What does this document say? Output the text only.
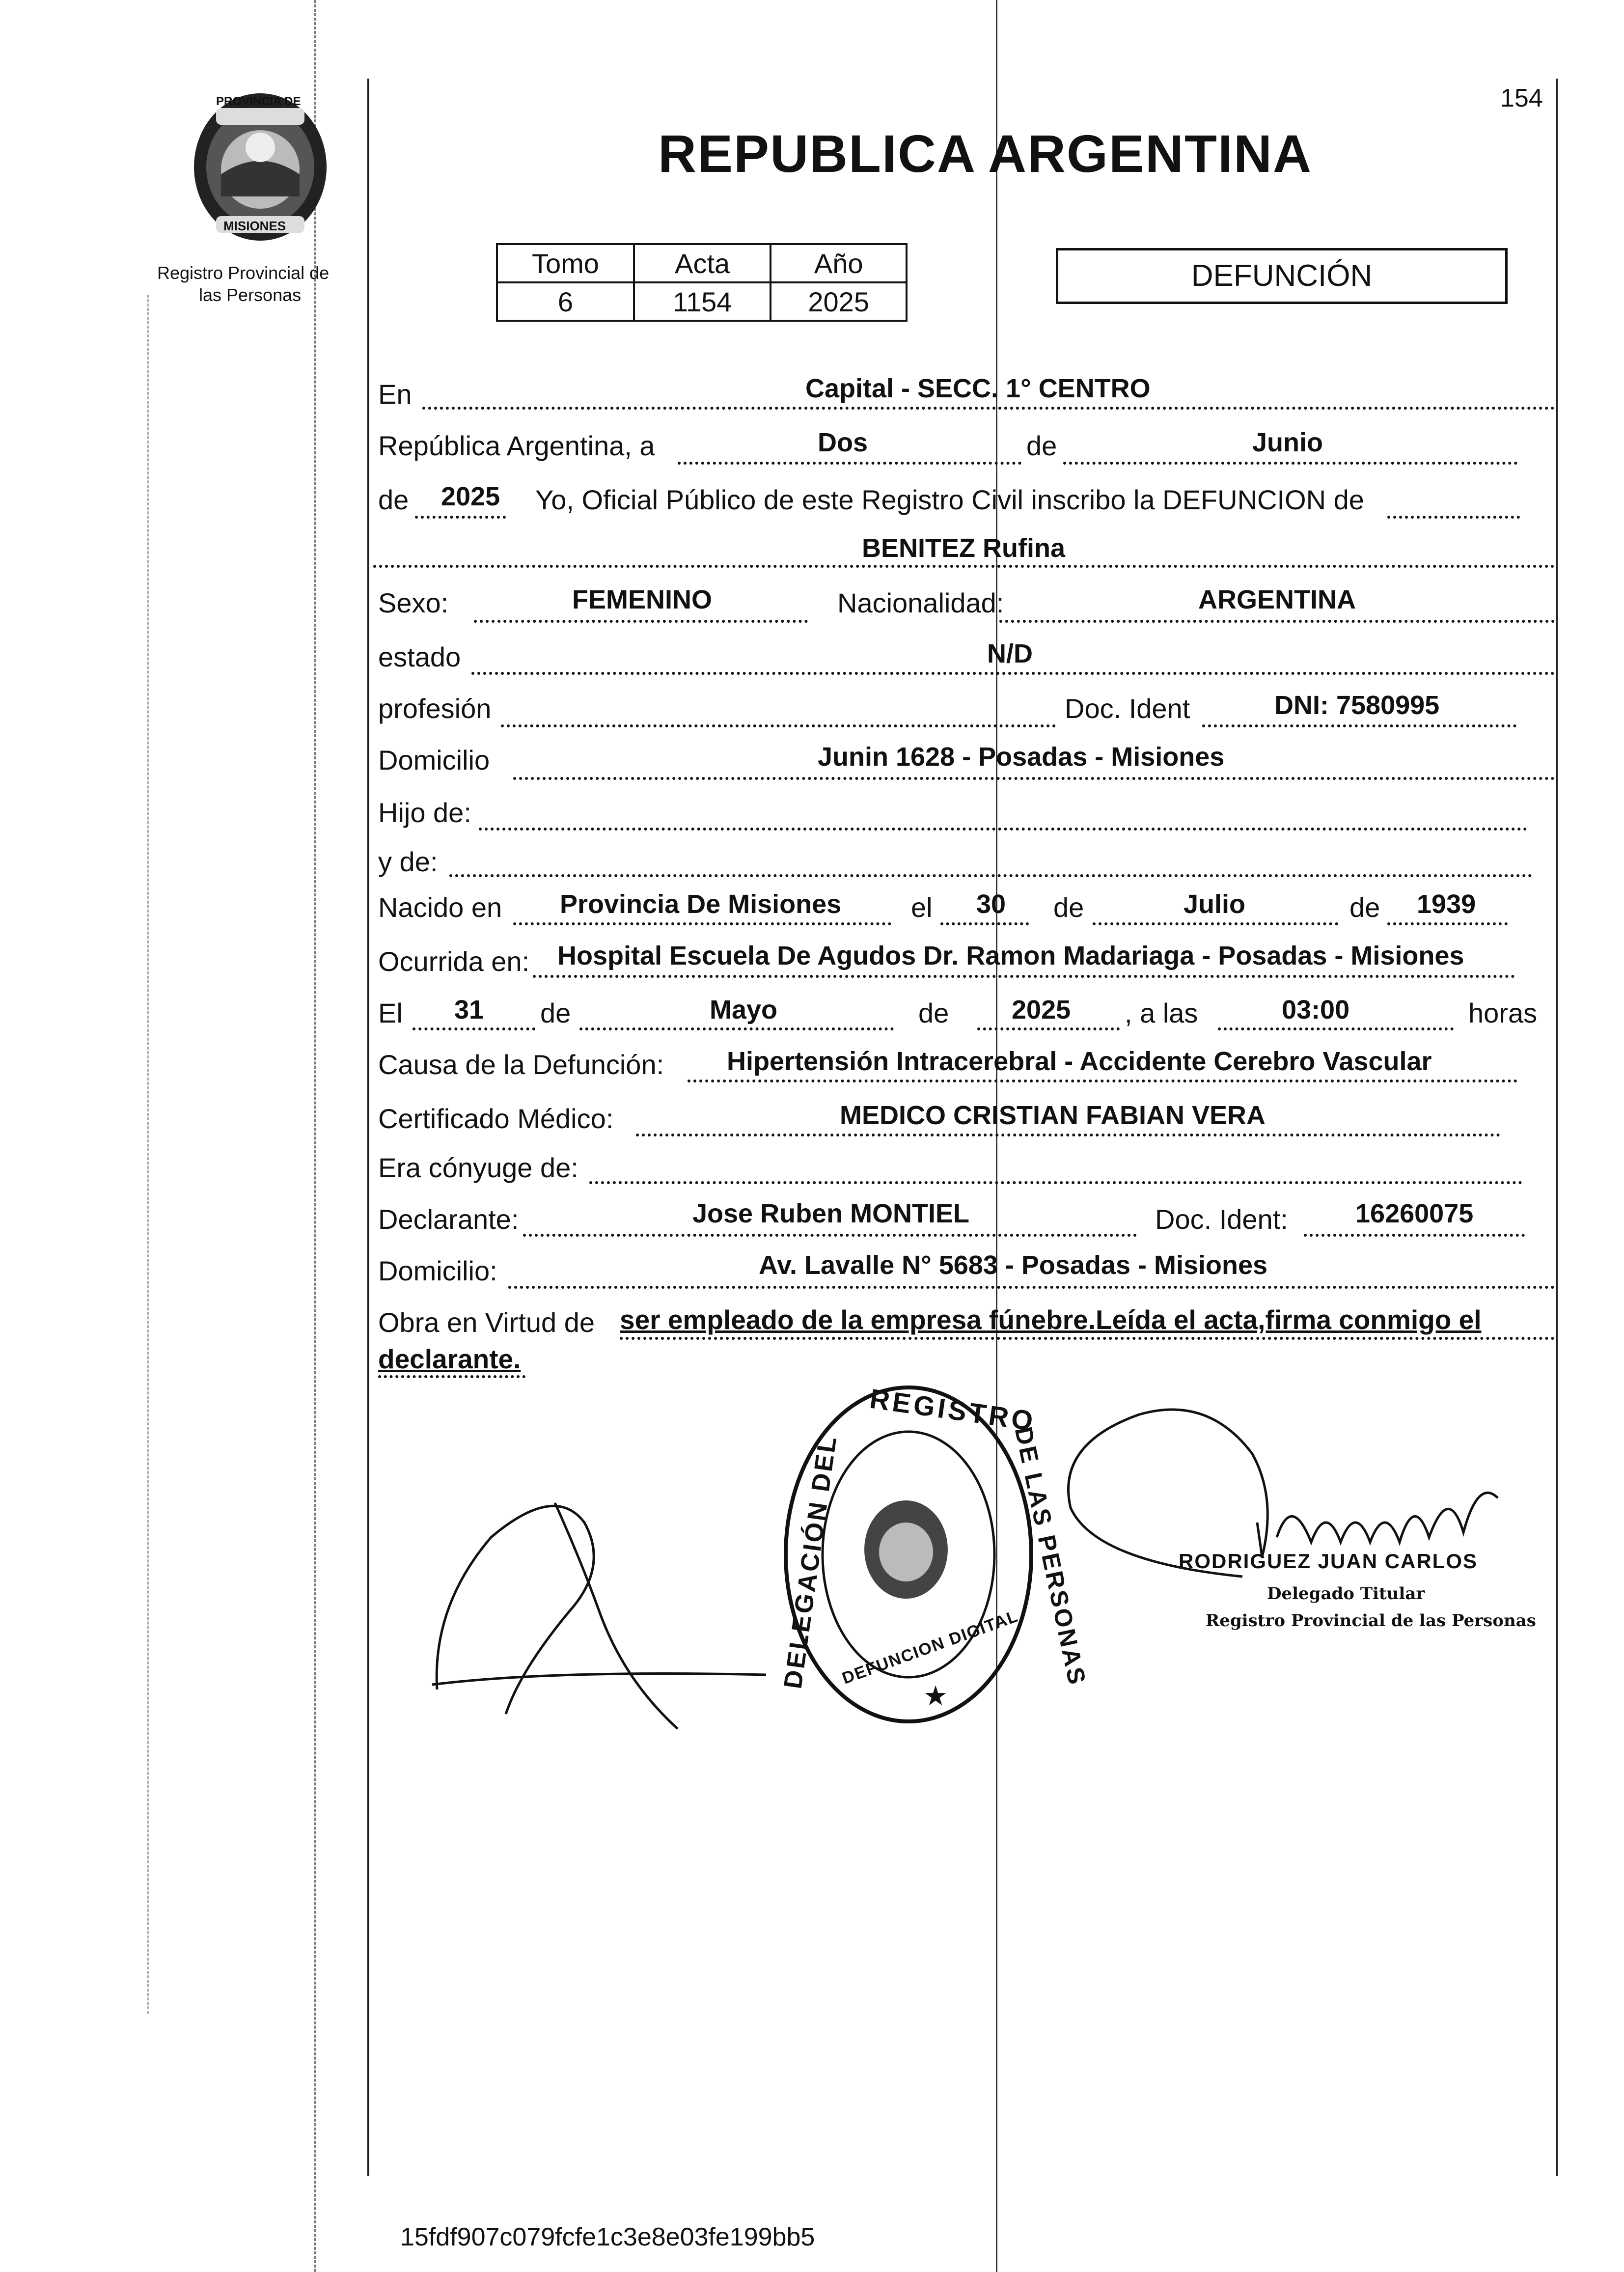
154
PROVINCIA DE
MISIONES
Registro Provincial de
las Personas
REPUBLICA ARGENTINA
Tomo	Acta	Año
6	1154	2025
DEFUNCIÓN
En	Capital - SECC. 1° CENTRO
República Argentina, a	Dos	de	Junio
de 2025 Yo, Oficial Público de este Registro Civil inscribo la DEFUNCION de
BENITEZ Rufina
Sexo:	FEMENINO	Nacionalidad:	ARGENTINA
estado	N/D
profesión	Doc. Ident	DNI: 7580995
Domicilio	Junin 1628 - Posadas - Misiones
Hijo de:
y de:
Nacido en Provincia De Misiones	el 30 de	Julio	de 1939
Ocurrida en: Hospital Escuela De Agudos Dr. Ramon Madariaga - Posadas - Misiones
El 31 de	Mayo	de 2025 , a las	03:00	horas
Causa de la Defunción: Hipertensión Intracerebral - Accidente Cerebro Vascular
Certificado Médico:	MEDICO CRISTIAN FABIAN VERA
Era cónyuge de:
Declarante:	Jose Ruben MONTIEL	Doc. Ident:	16260075
Domicilio:	Av. Lavalle N° 5683 - Posadas - Misiones
Obra en Virtud de ser empleado de la empresa fúnebre.Leída el acta,firma conmigo el
declarante.
REGISTRO
DELEGACIÓN DEL	DE LAS PERSONAS
DEFUNCION DIGITAL
★
RODRIGUEZ JUAN CARLOS
Delegado Titular
Registro Provincial de las Personas
15fdf907c079fcfe1c3e8e03fe199bb5
